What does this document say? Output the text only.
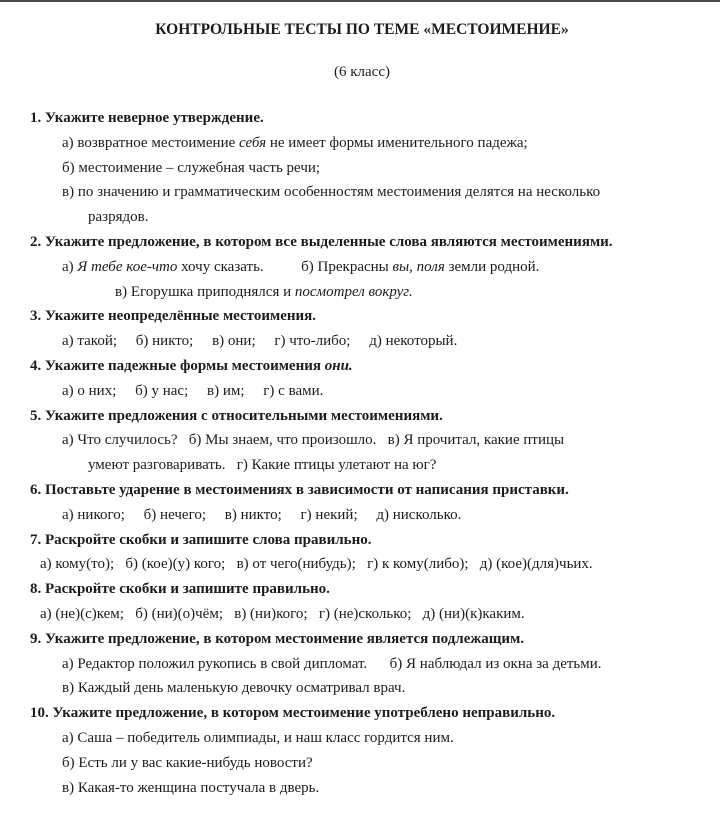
КОНТРОЛЬНЫЕ ТЕСТЫ ПО ТЕМЕ «МЕСТОИМЕНИЕ»
(6 класс)
1. Укажите неверное утверждение.
а) возвратное местоимение себя не имеет формы именительного падежа;
б) местоимение – служебная часть речи;
в) по значению и грамматическим особенностям местоимения делятся на несколько
разрядов.
2. Укажите предложение, в котором все выделенные слова являются местоимениями.
а) Я тебе кое-что хочу сказать.          б) Прекрасны вы, поля земли родной.
в) Егорушка приподнялся и посмотрел вокруг.
3. Укажите неопределённые местоимения.
а) такой;     б) никто;     в) они;     г) что-либо;     д) некоторый.
4. Укажите падежные формы местоимения они.
а) о них;     б) у нас;     в) им;     г) с вами.
5. Укажите предложения с относительными местоимениями.
а) Что случилось?   б) Мы знаем, что произошло.   в) Я прочитал, какие птицы
умеют разговаривать.   г) Какие птицы улетают на юг?
6. Поставьте ударение в местоимениях в зависимости от написания приставки.
а) никого;     б) нечего;     в) никто;     г) некий;     д) нисколько.
7. Раскройте скобки и запишите слова правильно.
а) кому(то);   б) (кое)(у) кого;   в) от чего(нибудь);   г) к кому(либо);   д) (кое)(для)чьих.
8. Раскройте скобки и запишите правильно.
а) (не)(с)кем;   б) (ни)(о)чём;   в) (ни)кого;   г) (не)сколько;   д) (ни)(к)каким.
9. Укажите предложение, в котором местоимение является подлежащим.
а) Редактор положил рукопись в свой дипломат.      б) Я наблюдал из окна за детьми.
в) Каждый день маленькую девочку осматривал врач.
10. Укажите предложение, в котором местоимение употреблено неправильно.
а) Саша – победитель олимпиады, и наш класс гордится ним.
б) Есть ли у вас какие-нибудь новости?
в) Какая-то женщина постучала в дверь.
